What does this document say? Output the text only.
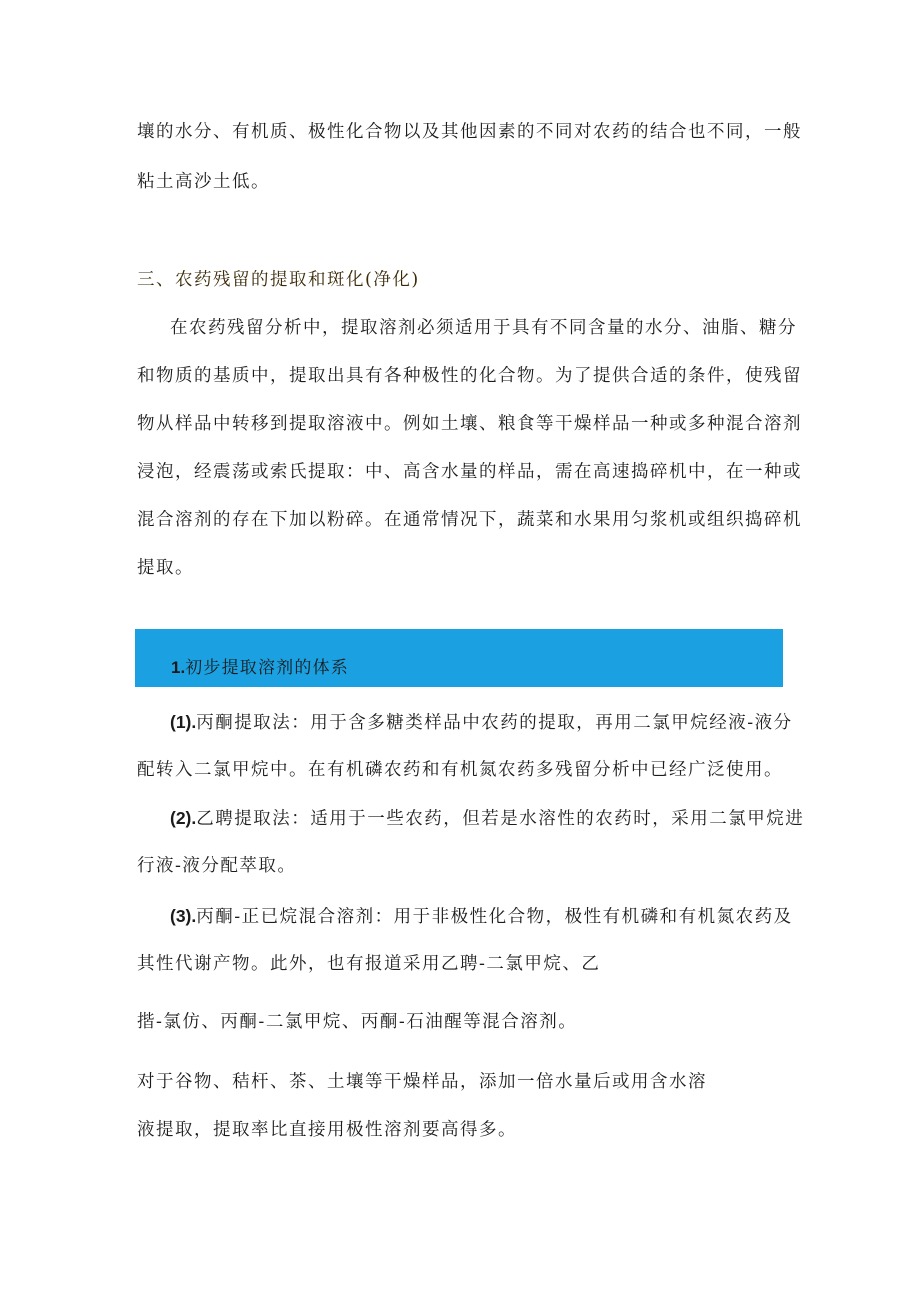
壤的水分、有机质、极性化合物以及其他因素的不同对农药的结合也不同，一般
粘土高沙土低。
三、农药残留的提取和斑化(净化)
在农药残留分析中，提取溶剂必须适用于具有不同含量的水分、油脂、糖分
和物质的基质中，提取出具有各种极性的化合物。为了提供合适的条件，使残留
物从样品中转移到提取溶液中。例如土壤、粮食等干燥样品一种或多种混合溶剂
浸泡，经震荡或索氏提取：中、高含水量的样品，需在高速捣碎机中，在一种或
混合溶剂的存在下加以粉碎。在通常情况下，蔬菜和水果用匀浆机或组织捣碎机
提取。
1.初步提取溶剂的体系
(1).丙酮提取法：用于含多糖类样品中农药的提取，再用二氯甲烷经液-液分
配转入二氯甲烷中。在有机磷农药和有机氮农药多残留分析中已经广泛使用。
(2).乙聘提取法：适用于一些农药，但若是水溶性的农药时，采用二氯甲烷进
行液-液分配萃取。
(3).丙酮-正已烷混合溶剂：用于非极性化合物，极性有机磷和有机氮农药及
其性代谢产物。此外，也有报道采用乙聘-二氯甲烷、乙
揩-氯仿、丙酮-二氯甲烷、丙酮-石油醒等混合溶剂。
对于谷物、秸杆、茶、土壤等干燥样品，添加一倍水量后或用含水溶
液提取，提取率比直接用极性溶剂要高得多。
